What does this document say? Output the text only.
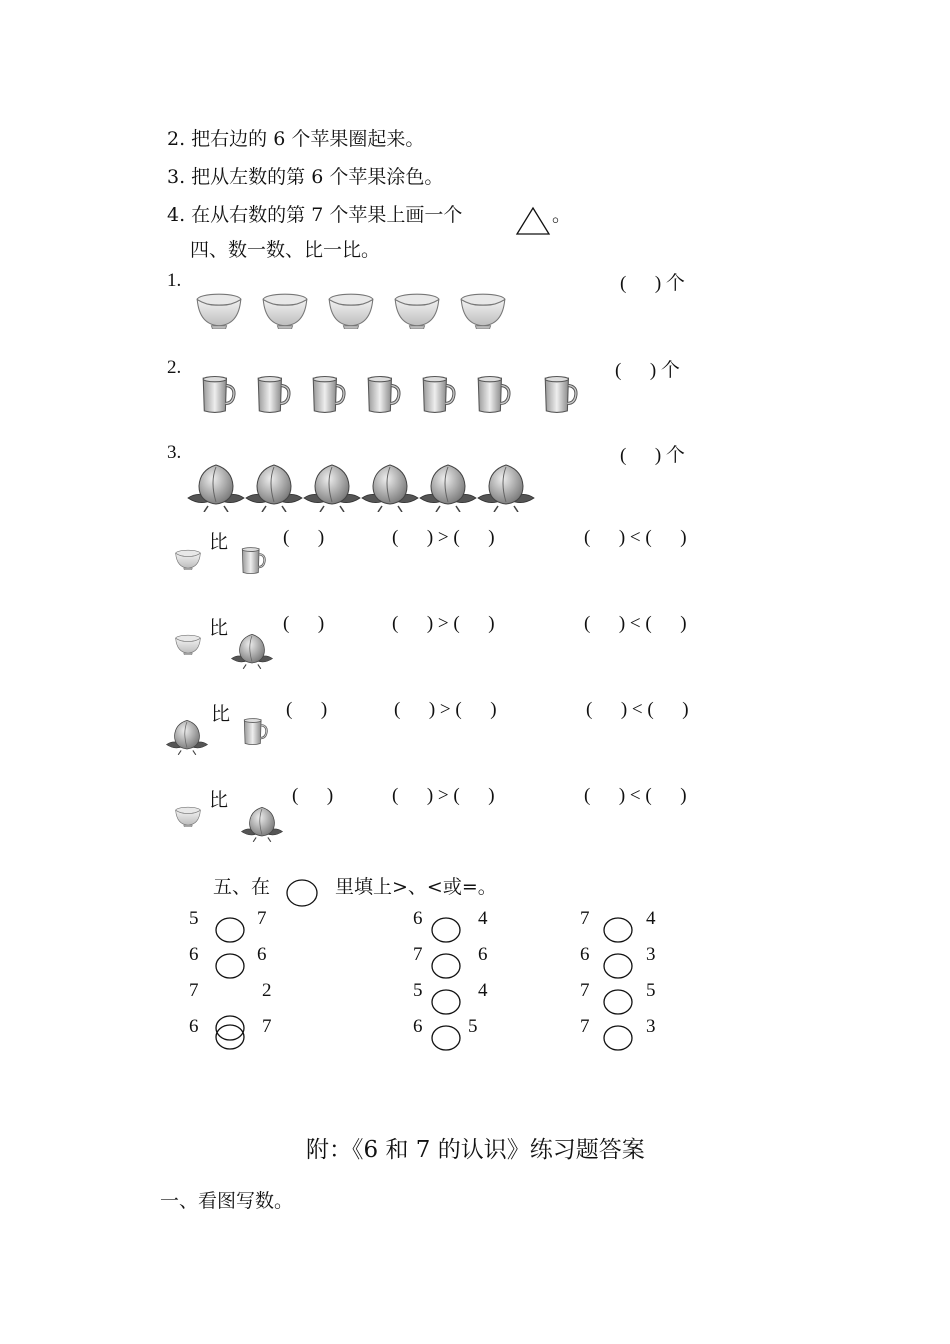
2. 把右边的 6 个苹果圈起来。
3. 把从左数的第 6 个苹果涂色。
4. 在从右数的第 7 个苹果上画一个	。
四、数一数、比一比。
1.	(      ) 个
2.	(      ) 个
3.	(      ) 个
比	(      )	(      ) > (      )	(      ) < (      )
比	(      )	(      ) > (      )	(      ) < (      )
比	(      )	(      ) > (      )	(      ) < (      )
比	(      )	(      ) > (      )	(      ) < (      )
五、在	里填上>、<或=。
5	7
6	6
7	2
6	7
6	4
7	6
5	4
6 5
7	4
6	3
7	5
7	3
附：《6 和 7 的认识》练习题答案
一、看图写数。
